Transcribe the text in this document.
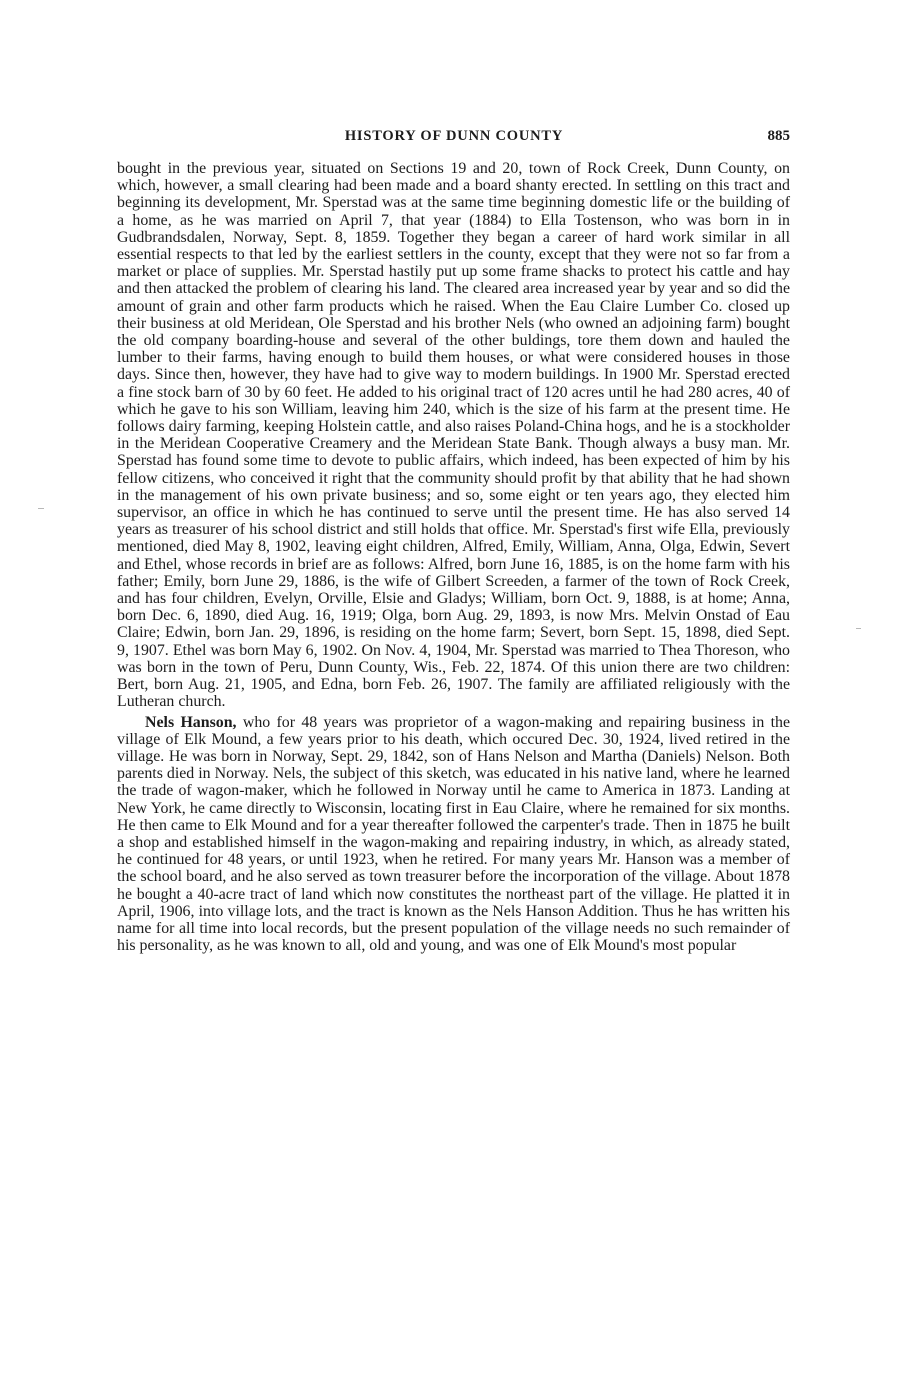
HISTORY OF DUNN COUNTY	885

bought in the previous year, situated on Sections 19 and 20, town of Rock Creek, Dunn County, on which, however, a small clearing had been made and a board shanty erected. In settling on this tract and beginning its development, Mr. Sperstad was at the same time beginning domestic life or the building of a home, as he was married on April 7, that year (1884) to Ella Tostenson, who was born in in Gudbrandsdalen, Norway, Sept. 8, 1859. Together they began a career of hard work similar in all essential respects to that led by the earliest settlers in the county, except that they were not so far from a market or place of supplies. Mr. Sperstad hastily put up some frame shacks to protect his cattle and hay and then attacked the problem of clearing his land. The cleared area increased year by year and so did the amount of grain and other farm products which he raised. When the Eau Claire Lumber Co. closed up their business at old Meridean, Ole Sperstad and his brother Nels (who owned an adjoining farm) bought the old company boarding-house and several of the other buldings, tore them down and hauled the lumber to their farms, having enough to build them houses, or what were considered houses in those days. Since then, however, they have had to give way to modern buildings. In 1900 Mr. Sperstad erected a fine stock barn of 30 by 60 feet. He added to his original tract of 120 acres until he had 280 acres, 40 of which he gave to his son William, leaving him 240, which is the size of his farm at the present time. He follows dairy farming, keeping Holstein cattle, and also raises Poland-China hogs, and he is a stockholder in the Meridean Cooperative Creamery and the Meridean State Bank. Though always a busy man. Mr. Sperstad has found some time to devote to public affairs, which indeed, has been expected of him by his fellow citizens, who conceived it right that the community should profit by that ability that he had shown in the management of his own private business; and so, some eight or ten years ago, they elected him supervisor, an office in which he has continued to serve until the present time. He has also served 14 years as treasurer of his school district and still holds that office. Mr. Sperstad's first wife Ella, previously mentioned, died May 8, 1902, leaving eight children, Alfred, Emily, William, Anna, Olga, Edwin, Severt and Ethel, whose records in brief are as follows: Alfred, born June 16, 1885, is on the home farm with his father; Emily, born June 29, 1886, is the wife of Gilbert Screeden, a farmer of the town of Rock Creek, and has four children, Evelyn, Orville, Elsie and Gladys; William, born Oct. 9, 1888, is at home; Anna, born Dec. 6, 1890, died Aug. 16, 1919; Olga, born Aug. 29, 1893, is now Mrs. Melvin Onstad of Eau Claire; Edwin, born Jan. 29, 1896, is residing on the home farm; Severt, born Sept. 15, 1898, died Sept. 9, 1907. Ethel was born May 6, 1902. On Nov. 4, 1904, Mr. Sperstad was married to Thea Thoreson, who was born in the town of Peru, Dunn County, Wis., Feb. 22, 1874. Of this union there are two children: Bert, born Aug. 21, 1905, and Edna, born Feb. 26, 1907. The family are affiliated religiously with the Lutheran church.

Nels Hanson, who for 48 years was proprietor of a wagon-making and repairing business in the village of Elk Mound, a few years prior to his death, which occured Dec. 30, 1924, lived retired in the village. He was born in Norway, Sept. 29, 1842, son of Hans Nelson and Martha (Daniels) Nelson. Both parents died in Norway. Nels, the subject of this sketch, was educated in his native land, where he learned the trade of wagon-maker, which he followed in Norway until he came to America in 1873. Landing at New York, he came directly to Wisconsin, locating first in Eau Claire, where he remained for six months. He then came to Elk Mound and for a year thereafter followed the carpenter's trade. Then in 1875 he built a shop and established himself in the wagon-making and repairing industry, in which, as already stated, he continued for 48 years, or until 1923, when he retired. For many years Mr. Hanson was a member of the school board, and he also served as town treasurer before the incorporation of the village. About 1878 he bought a 40-acre tract of land which now constitutes the northeast part of the village. He platted it in April, 1906, into village lots, and the tract is known as the Nels Hanson Addition. Thus he has written his name for all time into local records, but the present population of the village needs no such remainder of his personality, as he was known to all, old and young, and was one of Elk Mound's most popular
